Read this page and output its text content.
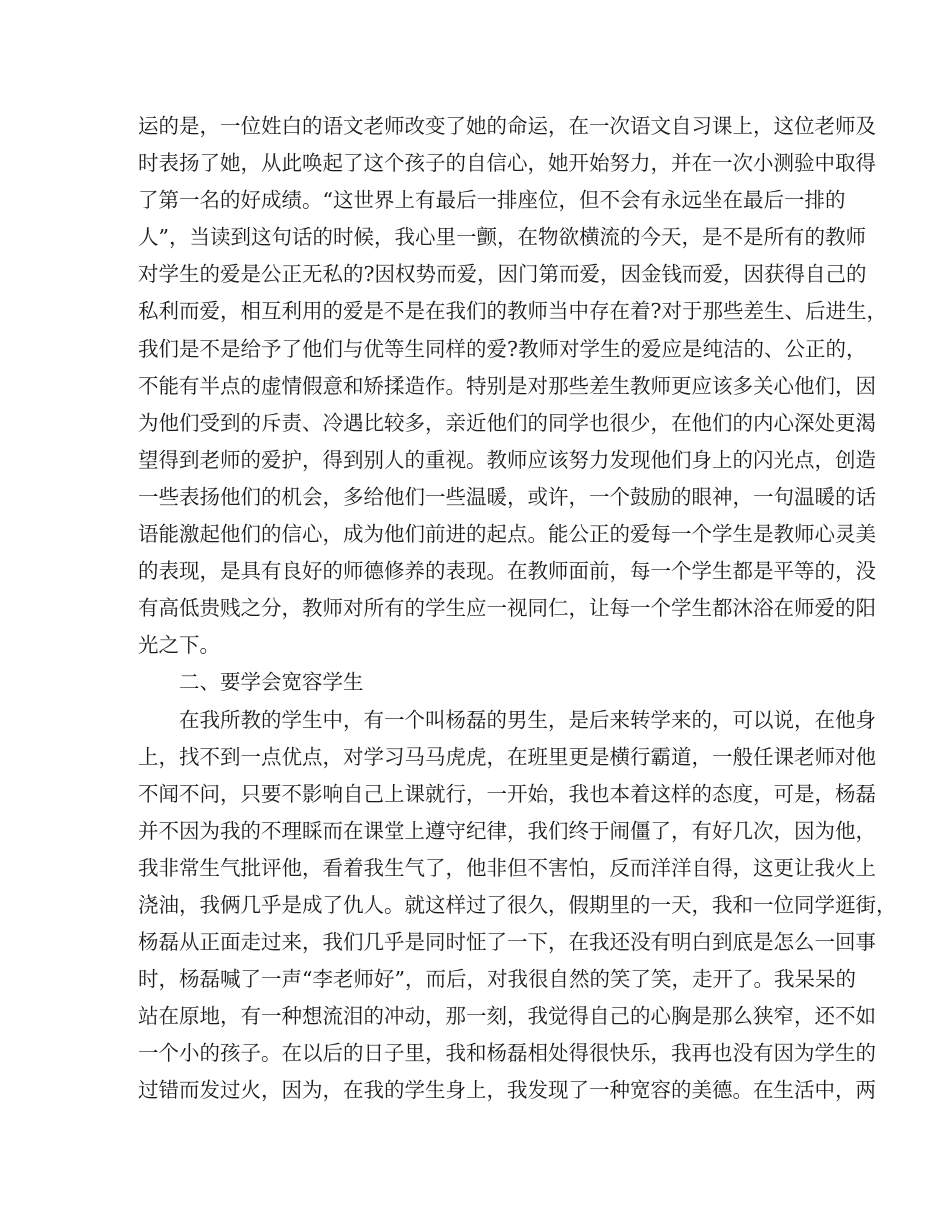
运的是，一位姓白的语文老师改变了她的命运，在一次语文自习课上，这位老师及
时表扬了她，从此唤起了这个孩子的自信心，她开始努力，并在一次小测验中取得
了第一名的好成绩。“这世界上有最后一排座位，但不会有永远坐在最后一排的
人”，当读到这句话的时候，我心里一颤，在物欲横流的今天，是不是所有的教师
对学生的爱是公正无私的?因权势而爱，因门第而爱，因金钱而爱，因获得自己的
私利而爱，相互利用的爱是不是在我们的教师当中存在着?对于那些差生、后进生，
我们是不是给予了他们与优等生同样的爱?教师对学生的爱应是纯洁的、公正的，
不能有半点的虚情假意和矫揉造作。特别是对那些差生教师更应该多关心他们，因
为他们受到的斥责、冷遇比较多，亲近他们的同学也很少，在他们的内心深处更渴
望得到老师的爱护，得到别人的重视。教师应该努力发现他们身上的闪光点，创造
一些表扬他们的机会，多给他们一些温暖，或许，一个鼓励的眼神，一句温暖的话
语能激起他们的信心，成为他们前进的起点。能公正的爱每一个学生是教师心灵美
的表现，是具有良好的师德修养的表现。在教师面前，每一个学生都是平等的，没
有高低贵贱之分，教师对所有的学生应一视同仁，让每一个学生都沐浴在师爱的阳
光之下。
二、要学会宽容学生
在我所教的学生中，有一个叫杨磊的男生，是后来转学来的，可以说，在他身
上，找不到一点优点，对学习马马虎虎，在班里更是横行霸道，一般任课老师对他
不闻不问，只要不影响自己上课就行，一开始，我也本着这样的态度，可是，杨磊
并不因为我的不理睬而在课堂上遵守纪律，我们终于闹僵了，有好几次，因为他，
我非常生气批评他，看着我生气了，他非但不害怕，反而洋洋自得，这更让我火上
浇油，我俩几乎是成了仇人。就这样过了很久，假期里的一天，我和一位同学逛街，
杨磊从正面走过来，我们几乎是同时怔了一下，在我还没有明白到底是怎么一回事
时，杨磊喊了一声“李老师好”，而后，对我很自然的笑了笑，走开了。我呆呆的
站在原地，有一种想流泪的冲动，那一刻，我觉得自己的心胸是那么狭窄，还不如
一个小的孩子。在以后的日子里，我和杨磊相处得很快乐，我再也没有因为学生的
过错而发过火，因为，在我的学生身上，我发现了一种宽容的美德。在生活中，两
